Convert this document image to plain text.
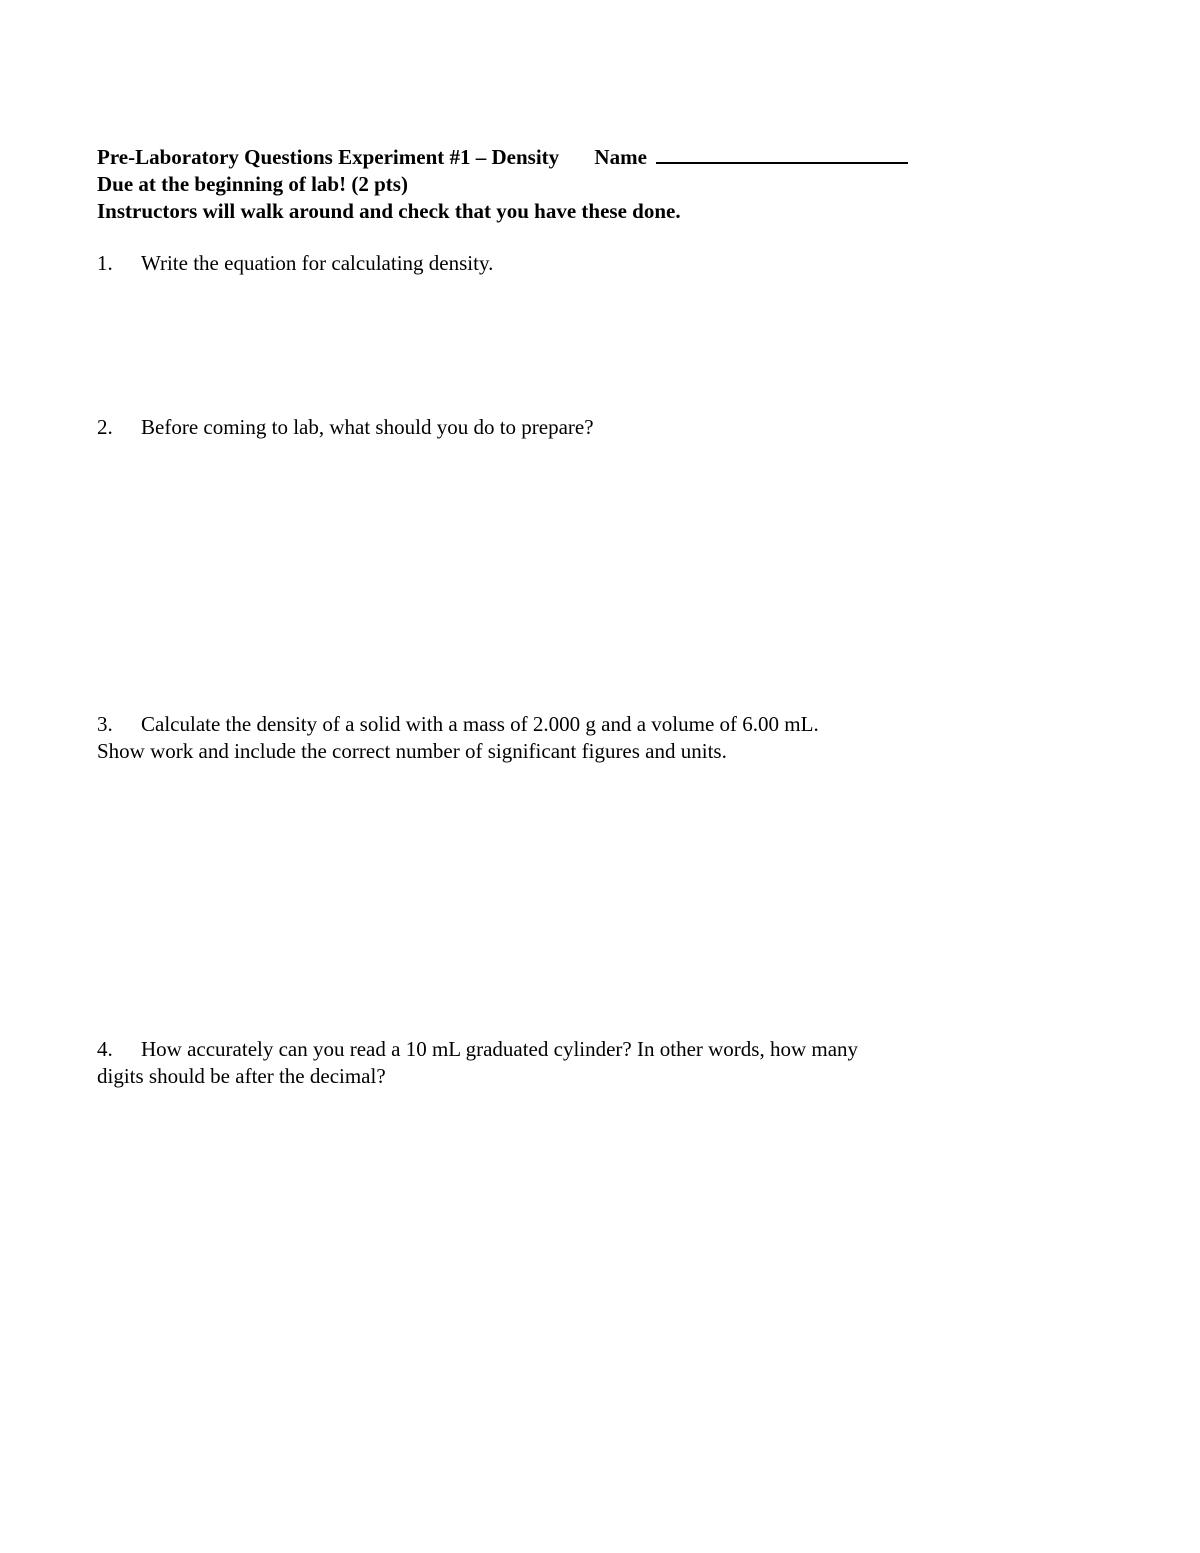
Pre-Laboratory Questions Experiment #1 – Density Name
Due at the beginning of lab! (2 pts)
Instructors will walk around and check that you have these done.
1. Write the equation for calculating density.
2. Before coming to lab, what should you do to prepare?
3. Calculate the density of a solid with a mass of 2.000 g and a volume of 6.00 mL.
Show work and include the correct number of significant figures and units.
4. How accurately can you read a 10 mL graduated cylinder? In other words, how many
digits should be after the decimal?
